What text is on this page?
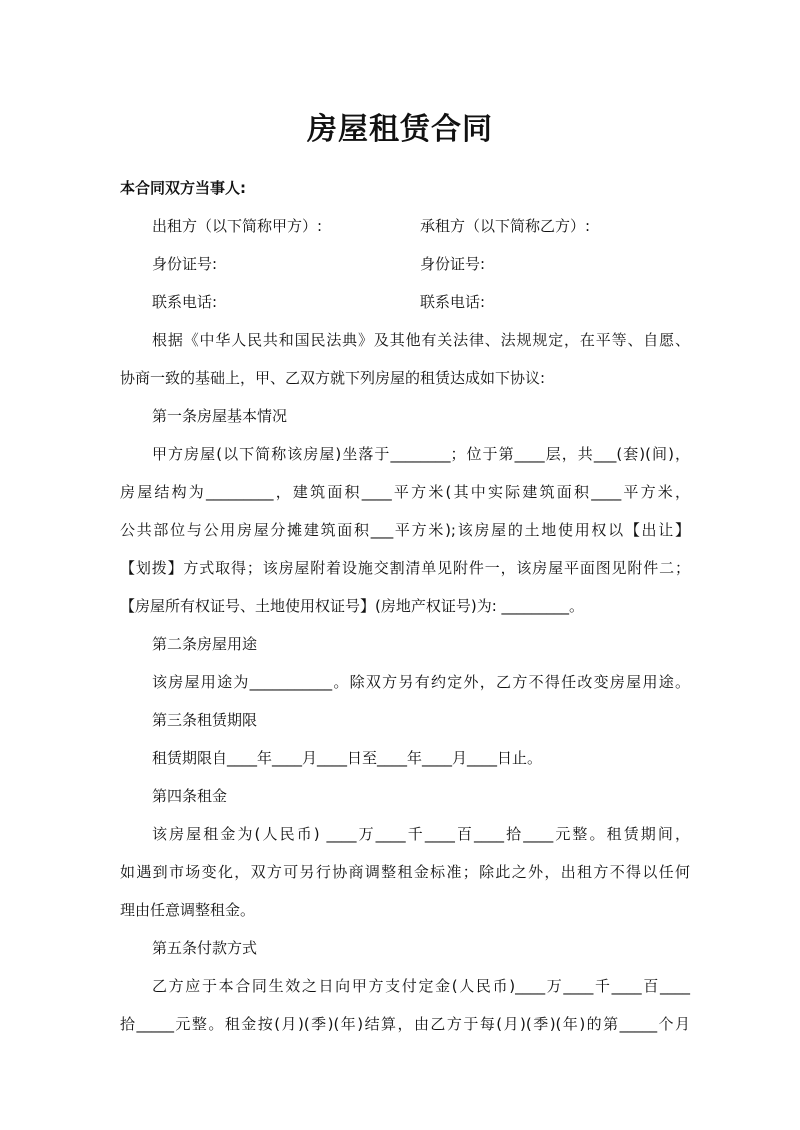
房屋租赁合同
本合同双方当事人:
出租方（以下简称甲方）:	承租方（以下简称乙方）:
身份证号:	身份证号:
联系电话:	联系电话:
根据《中华人民共和国民法典》及其他有关法律、法规规定，在平等、自愿、
协商一致的基础上，甲、乙双方就下列房屋的租赁达成如下协议:
第一条房屋基本情况
甲方房屋(以下简称该房屋)坐落于________；位于第____层，共___(套)(间)，
房屋结构为_________，建筑面积____平方米(其中实际建筑面积____平方米，
公共部位与公用房屋分摊建筑面积___平方米);该房屋的土地使用权以【出让】
【划拨】方式取得；该房屋附着设施交割清单见附件一，该房屋平面图见附件二；
【房屋所有权证号、土地使用权证号】(房地产权证号)为: _________。
第二条房屋用途
该房屋用途为___________。除双方另有约定外，乙方不得任改变房屋用途。
第三条租赁期限
租赁期限自____年____月____日至____年____月____日止。
第四条租金
该房屋租金为(人民币) ____万____千____百____拾____元整。租赁期间，
如遇到市场变化，双方可另行协商调整租金标准；除此之外，出租方不得以任何
理由任意调整租金。
第五条付款方式
乙方应于本合同生效之日向甲方支付定金(人民币)____万____千____百____
拾_____元整。租金按(月)(季)(年)结算，由乙方于每(月)(季)(年)的第_____个月
